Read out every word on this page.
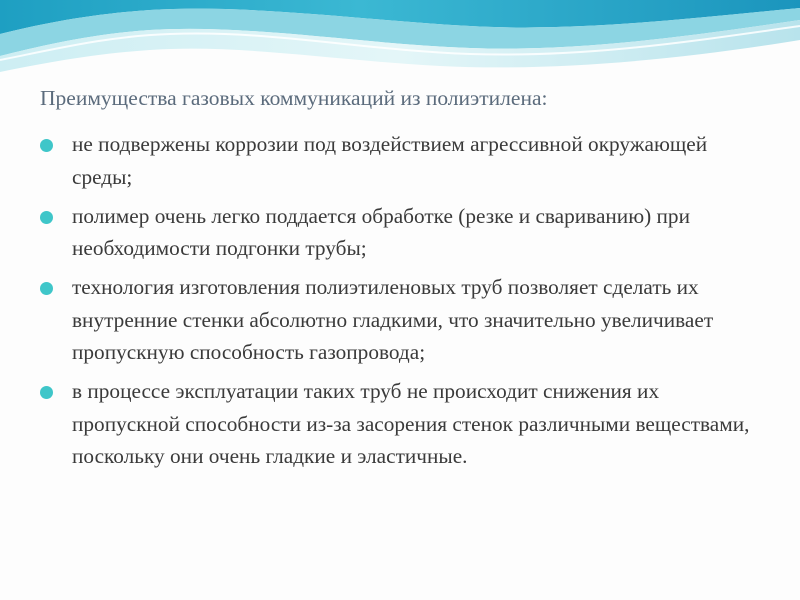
Преимущества газовых коммуникаций из полиэтилена:
не подвержены коррозии под воздействием агрессивной окружающей среды;
полимер очень легко поддается обработке (резке и свариванию) при необходимости подгонки трубы;
технология изготовления полиэтиленовых труб позволяет сделать их внутренние стенки абсолютно гладкими, что значительно увеличивает пропускную способность газопровода;
в процессе эксплуатации таких труб не происходит снижения их пропускной способности из-за засорения стенок различными веществами, поскольку они очень гладкие и эластичные.
